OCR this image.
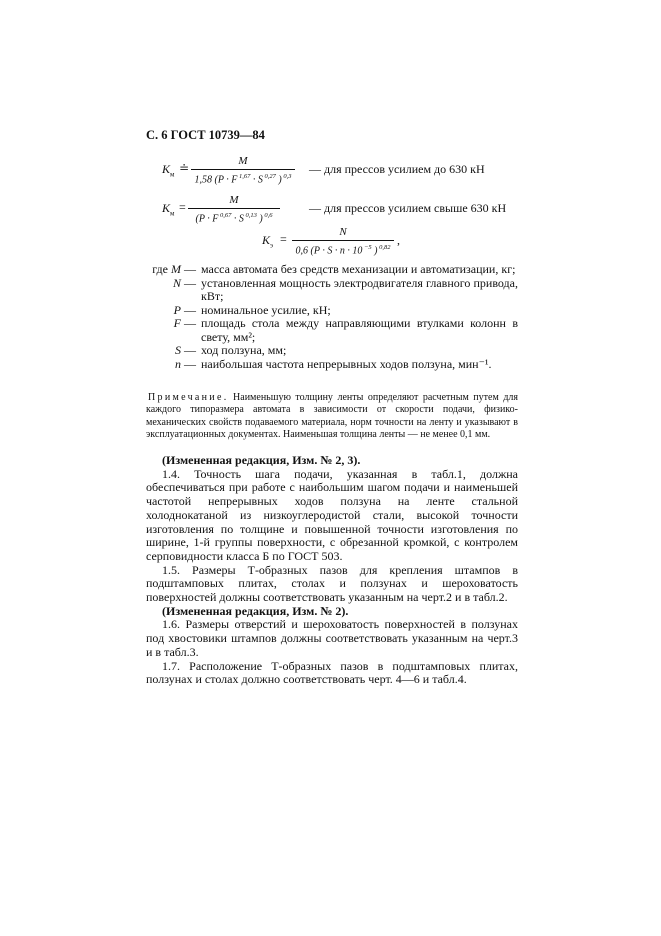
С. 6 ГОСТ 10739—84
$K_м$ ≐	M
1,58 (P · F $^{1,67}$ · S $^{0,27}$ ) $^{0,3}$
— для прессов усилием до 630 кН
$K_м$ =	M
(P · F $^{0,67}$ · S $^{0,13}$ ) $^{0,6}$
— для прессов усилием свыше 630 кН
$K_э$ =	N
0,6 (P · S · n · 10 $^{-5}$ ) $^{0,82}$
,
где M — масса автомата без средств механизации и автоматизации, кг;
N — установленная мощность электродвигателя главного привода, кВт;
P — номинальное усилие, кН;
F — площадь стола между направляющими втулками колонн в свету, мм²;
S — ход ползуна, мм;
n — наибольшая частота непрерывных ходов ползуна, мин⁻¹.
Примечание. Наименьшую толщину ленты определяют расчетным путем для каждого типоразмера автомата в зависимости от скорости подачи, физико-механических свойств подаваемого материала, норм точности на ленту и указывают в эксплуатационных документах. Наименьшая толщина ленты — не менее 0,1 мм.

(Измененная редакция, Изм. № 2, 3).

1.4. Точность шага подачи, указанная в табл.1, должна обеспечиваться при работе с наибольшим шагом подачи и наименьшей частотой непрерывных ходов ползуна на ленте стальной холоднокатаной из низкоуглеродистой стали, высокой точности изготовления по толщине и повышенной точности изготовления по ширине, 1-й группы поверхности, с обрезанной кромкой, с контролем серповидности класса Б по ГОСТ 503.

1.5. Размеры Т-образных пазов для крепления штампов в подштамповых плитах, столах и ползунах и шероховатость поверхностей должны соответствовать указанным на черт.2 и в табл.2.

(Измененная редакция, Изм. № 2).

1.6. Размеры отверстий и шероховатость поверхностей в ползунах под хвостовики штампов должны соответствовать указанным на черт.3 и в табл.3.

1.7. Расположение Т-образных пазов в подштамповых плитах, ползунах и столах должно соответствовать черт. 4—6 и табл.4.
